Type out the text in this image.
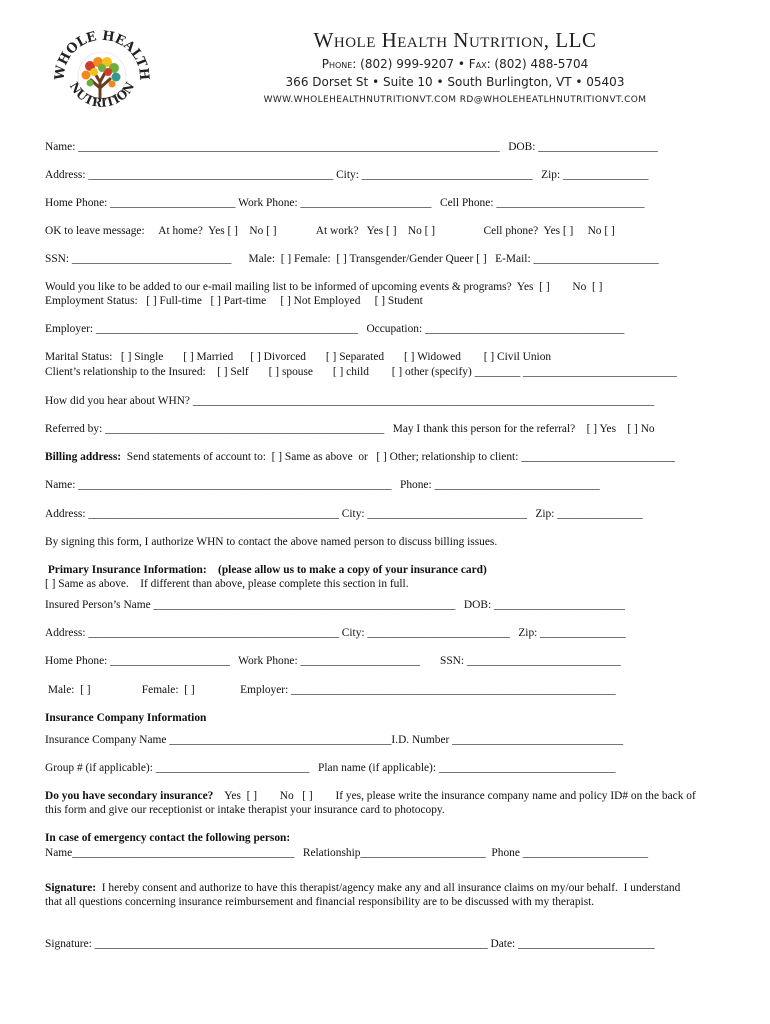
WHOLE HEALTH
NUTRITION
Whole Health Nutrition, LLC
Phone: (802) 999-9207 • Fax: (802) 488-5704
366 Dorset St • Suite 10 • South Burlington, VT • 05403
WWW.WHOLEHEALTHNUTRITIONVT.COM RD@WHOLEHEATLHNUTRITIONVT.COM
Name: __________________________________________________________________________   DOB: _____________________
Address: ___________________________________________ City: ______________________________   Zip: _______________
Home Phone: ______________________ Work Phone: _______________________   Cell Phone: __________________________
OK to leave message:     At home?  Yes [ ]    No [ ]              At work?   Yes [ ]    No [ ]                 Cell phone?  Yes [ ]     No [ ]
SSN: ____________________________      Male:  [ ] Female:  [ ] Transgender/Gender Queer [ ]   E-Mail: ______________________
Would you like to be added to our e-mail mailing list to be informed of upcoming events & programs?  Yes  [ ]        No  [ ]
Employment Status:   [ ] Full-time   [ ] Part-time     [ ] Not Employed     [ ] Student
Employer: ______________________________________________   Occupation: ___________________________________
Marital Status:   [ ] Single       [ ] Married      [ ] Divorced       [ ] Separated       [ ] Widowed        [ ] Civil Union
Client’s relationship to the Insured:    [ ] Self       [ ] spouse       [ ] child        [ ] other (specify) ________ ___________________________
How did you hear about WHN? _________________________________________________________________________________
Referred by: _________________________________________________   May I thank this person for the referral?    [ ] Yes    [ ] No
Billing address:  Send statements of account to:  [ ] Same as above  or   [ ] Other; relationship to client: ___________________________
Name: _______________________________________________________   Phone: _____________________________
Address: ____________________________________________ City: ____________________________   Zip: _______________
By signing this form, I authorize WHN to contact the above named person to discuss billing issues.
Primary Insurance Information:    (please allow us to make a copy of your insurance card)
[ ] Same as above.    If different than above, please complete this section in full.
Insured Person’s Name _____________________________________________________   DOB: _______________________
Address: ____________________________________________ City: _________________________   Zip: _______________
Home Phone: _____________________   Work Phone: _____________________       SSN: ___________________________
Male:  [ ]                  Female:  [ ]                Employer: _________________________________________________________
Insurance Company Information
Insurance Company Name _______________________________________I.D. Number ______________________________
Group # (if applicable): ___________________________   Plan name (if applicable): _______________________________
Do you have secondary insurance?    Yes  [ ]        No   [ ]        If yes, please write the insurance company name and policy ID# on the back of
this form and give our receptionist or intake therapist your insurance card to photocopy.
In case of emergency contact the following person:
Name_______________________________________   Relationship______________________  Phone ______________________
Signature:  I hereby consent and authorize to have this therapist/agency make any and all insurance claims on my/our behalf.  I understand
that all questions concerning insurance reimbursement and financial responsibility are to be discussed with my therapist.
Signature: _____________________________________________________________________ Date: ________________________
